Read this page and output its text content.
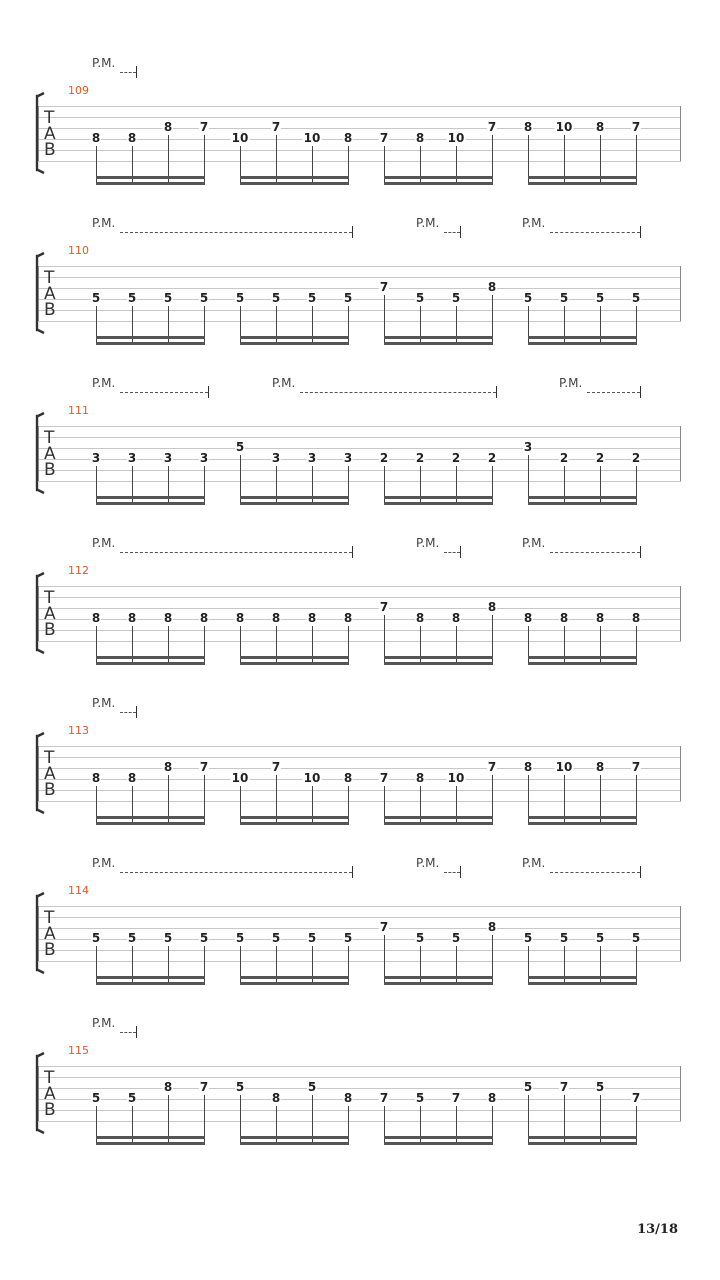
109
P.M.
T
A
B
8 8
8 7
10
7
10 8 7 8 10
7 8 10 8 7
110
P.M.	P.M.	P.M.
T
A
B
5 5 5 5 5 5 5 5
7
5 5
8
5 5 5 5
111
P.M.	P.M.	P.M.
T
A
B
3 3 3 3
5
3 3 3 2 2 2 2
3
2 2 2
112
P.M.	P.M.	P.M.
T
A
B
8 8 8 8 8 8 8 8
7
8 8
8
8 8 8 8
113
P.M.
T
A
B
8 8
8 7
10
7
10 8 7 8 10
7 8 10 8 7
114
P.M.	P.M.	P.M.
T
A
B
5 5 5 5 5 5 5 5
7
5 5
8
5 5 5 5
115
P.M.
T
A
B
5 5
8 7 5
8
5
8 7 5 7 8
5 7 5
7
13/18
